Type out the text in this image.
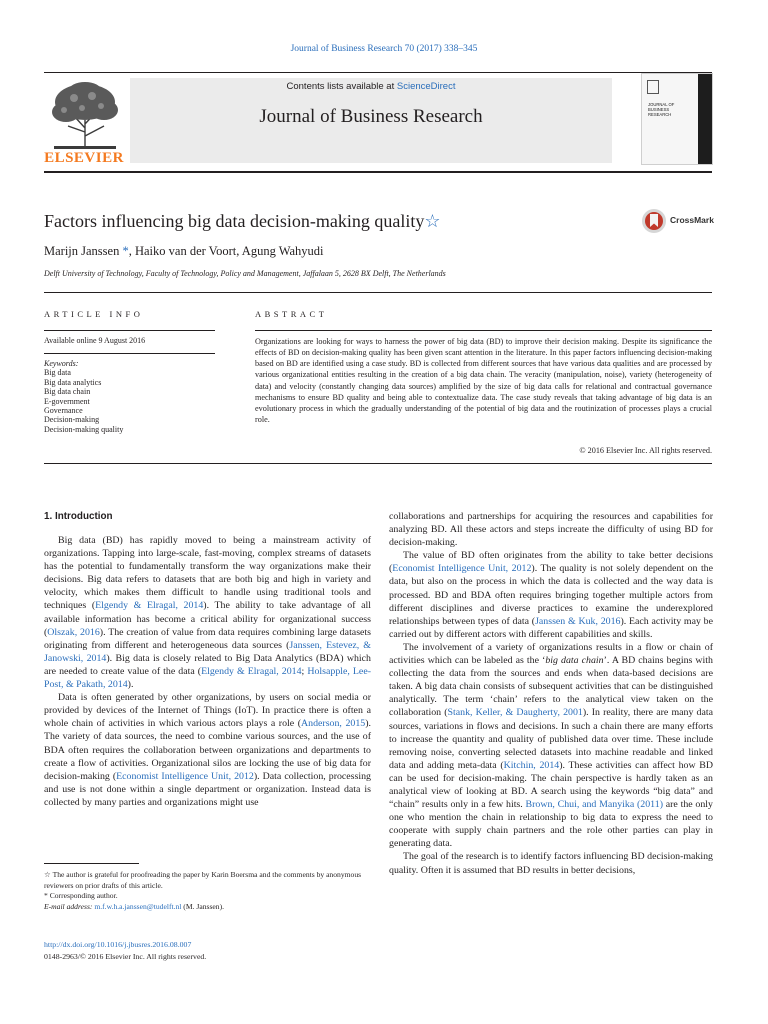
Journal of Business Research 70 (2017) 338–345
ELSEVIER
Contents lists available at ScienceDirect
Journal of Business Research
JOURNAL OF BUSINESS RESEARCH
Factors influencing big data decision-making quality☆	CrossMark
Marijn Janssen *, Haiko van der Voort, Agung Wahyudi
Delft University of Technology, Faculty of Technology, Policy and Management, Jaffalaan 5, 2628 BX Delft, The Netherlands
ARTICLE INFO
Available online 9 August 2016
Keywords:
Big data
Big data analytics
Big data chain
E-government
Governance
Decision-making
Decision-making quality
ABSTRACT
Organizations are looking for ways to harness the power of big data (BD) to improve their decision making. Despite its significance the effects of BD on decision-making quality has been given scant attention in the literature. In this paper factors influencing decision-making based on BD are identified using a case study. BD is collected from different sources that have various data qualities and are processed by various organizational entities resulting in the creation of a big data chain. The veracity (manipulation, noise), variety (heterogeneity of data) and velocity (constantly changing data sources) amplified by the size of big data calls for relational and contractual governance mechanisms to ensure BD quality and being able to contextualize data. The case study reveals that taking advantage of big data is an evolutionary process in which the gradually understanding of the potential of big data and the routinization of processes plays a crucial role.
© 2016 Elsevier Inc. All rights reserved.
1. Introduction

Big data (BD) has rapidly moved to being a mainstream activity of organizations. Tapping into large-scale, fast-moving, complex streams of datasets has the potential to fundamentally transform the way organizations make their decisions. Big data refers to datasets that are both big and high in variety and velocity, which makes them difficult to handle using traditional tools and techniques (Elgendy & Elragal, 2014). The ability to take advantage of all available information has become a critical ability for organizational success (Olszak, 2016). The creation of value from data requires combining large datasets originating from different and heterogeneous data sources (Janssen, Estevez, & Janowski, 2014). Big data is closely related to Big Data Analytics (BDA) which are needed to create value of the data (Elgendy & Elragal, 2014; Holsapple, Lee-Post, & Pakath, 2014).

Data is often generated by other organizations, by users on social media or provided by devices of the Internet of Things (IoT). In practice there is often a whole chain of activities in which various actors plays a role (Anderson, 2015). The variety of data sources, the need to combine various sources, and the use of BDA often requires the collaboration between organizations and departments to create a flow of activities. Organizational silos are locking the use of big data for decision-making (Economist Intelligence Unit, 2012). Data collection, processing and use is not done within a single department or organization. Instead data is collected by many parties and organizations might use

collaborations and partnerships for acquiring the resources and capabilities for analyzing BD. All these actors and steps increate the difficulty of using BD for decision-making.

The value of BD often originates from the ability to take better decisions (Economist Intelligence Unit, 2012). The quality is not solely dependent on the data, but also on the process in which the data is collected and the way data is processed. BD and BDA often requires bringing together multiple actors from different disciplines and diverse practices to examine the underexplored relationships between types of data (Janssen & Kuk, 2016). Each activity may be carried out by different actors with different capabilities and skills.

The involvement of a variety of organizations results in a flow or chain of activities which can be labeled as the ‘big data chain’. A BD chains begins with collecting the data from the sources and ends when data-based decisions are taken. A big data chain consists of subsequent activities that can be distinguished analytically. The term ‘chain’ refers to the analytical view taken on the collaboration (Stank, Keller, & Daugherty, 2001). In reality, there are many data sources, variations in flows and decisions. In such a chain there are many efforts to increase the quantity and quality of published data over time. These include removing noise, converting selected datasets into machine readable and linked data and adding meta-data (Kitchin, 2014). These activities can affect how BD can be used for decision-making. The chain perspective is hardly taken as an analytical view of looking at BD. A search using the keywords “big data” and “chain” results only in a few hits. Brown, Chui, and Manyika (2011) are the only one who mention the chain in relationship to big data to express the need to cooperate with supply chain partners and the role other parties can play in generating data.

The goal of the research is to identify factors influencing BD decision-making quality. Often it is assumed that BD results in better decisions,

☆ The author is grateful for proofreading the paper by Karin Boersma and the comments by anonymous reviewers on prior drafts of this article.

* Corresponding author.

E-mail address: m.f.w.h.a.janssen@tudelft.nl (M. Janssen).

http://dx.doi.org/10.1016/j.jbusres.2016.08.007
0148-2963/© 2016 Elsevier Inc. All rights reserved.
